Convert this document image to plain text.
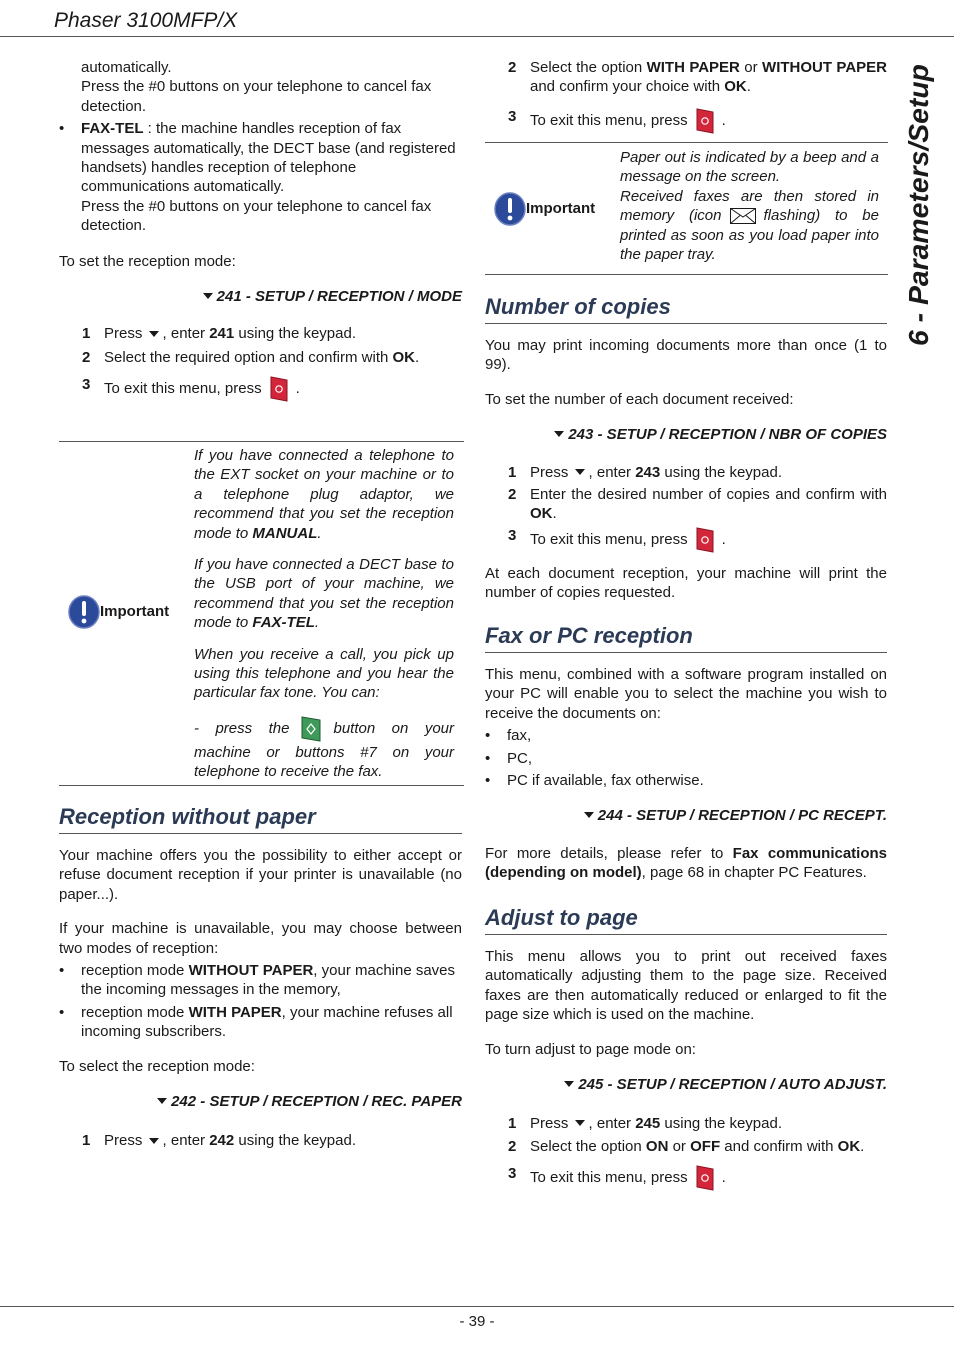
Phaser 3100MFP/X
6 - Parameters/Setup

automatically.

Press the #0 buttons on your telephone to cancel fax detection.

• FAX-TEL : the machine handles reception of fax messages automatically, the DECT base (and registered handsets) handles reception of telephone communications automatically.

Press the #0 buttons on your telephone to cancel fax detection.

To set the reception mode:

241 - SETUP / RECEPTION / MODE

1 Press , enter 241 using the keypad.
2 Select the required option and confirm with OK.
3 To exit this menu, press .
Important

If you have connected a telephone to the EXT socket on your machine or to a telephone plug adaptor, we recommend that you set the reception mode to MANUAL.

If you have connected a DECT base to the USB port of your machine, we recommend that you set the reception mode to FAX-TEL.

When you receive a call, you pick up using this telephone and you hear the particular fax tone. You can:

- press the	button on your machine or buttons #7 on your telephone to receive the fax.

Reception without paper

Your machine offers you the possibility to either accept or refuse document reception if your printer is unavailable (no paper...).

If your machine is unavailable, you may choose between two modes of reception:

• reception mode WITHOUT PAPER, your machine saves the incoming messages in the memory,
• reception mode WITH PAPER, your machine refuses all incoming subscribers.

To select the reception mode:

242 - SETUP / RECEPTION / REC. PAPER

1 Press , enter 242 using the keypad.
2 Select the option WITH PAPER or WITHOUT PAPER and confirm your choice with OK.
3 To exit this menu, press .
Important

Paper out is indicated by a beep and a message on the screen.

Received faxes are then stored in memory (icon	flashing) to be printed as soon as you load paper into the paper tray.

Number of copies

You may print incoming documents more than once (1 to 99).

To set the number of each document received:

243 - SETUP / RECEPTION / NBR OF COPIES

1 Press , enter 243 using the keypad.
2 Enter the desired number of copies and confirm with OK.
3 To exit this menu, press .

At each document reception, your machine will print the number of copies requested.

Fax or PC reception

This menu, combined with a software program installed on your PC will enable you to select the machine you wish to receive the documents on:

• fax,
• PC,
• PC if available, fax otherwise.

244 - SETUP / RECEPTION / PC RECEPT.

For more details, please refer to Fax communications (depending on model), page 68 in chapter PC Features.

Adjust to page

This menu allows you to print out received faxes automatically adjusting them to the page size. Received faxes are then automatically reduced or enlarged to fit the page size which is used on the machine.

To turn adjust to page mode on:

245 - SETUP / RECEPTION / AUTO ADJUST.

1 Press , enter 245 using the keypad.
2 Select the option ON or OFF and confirm with OK.
3 To exit this menu, press .
- 39 -
